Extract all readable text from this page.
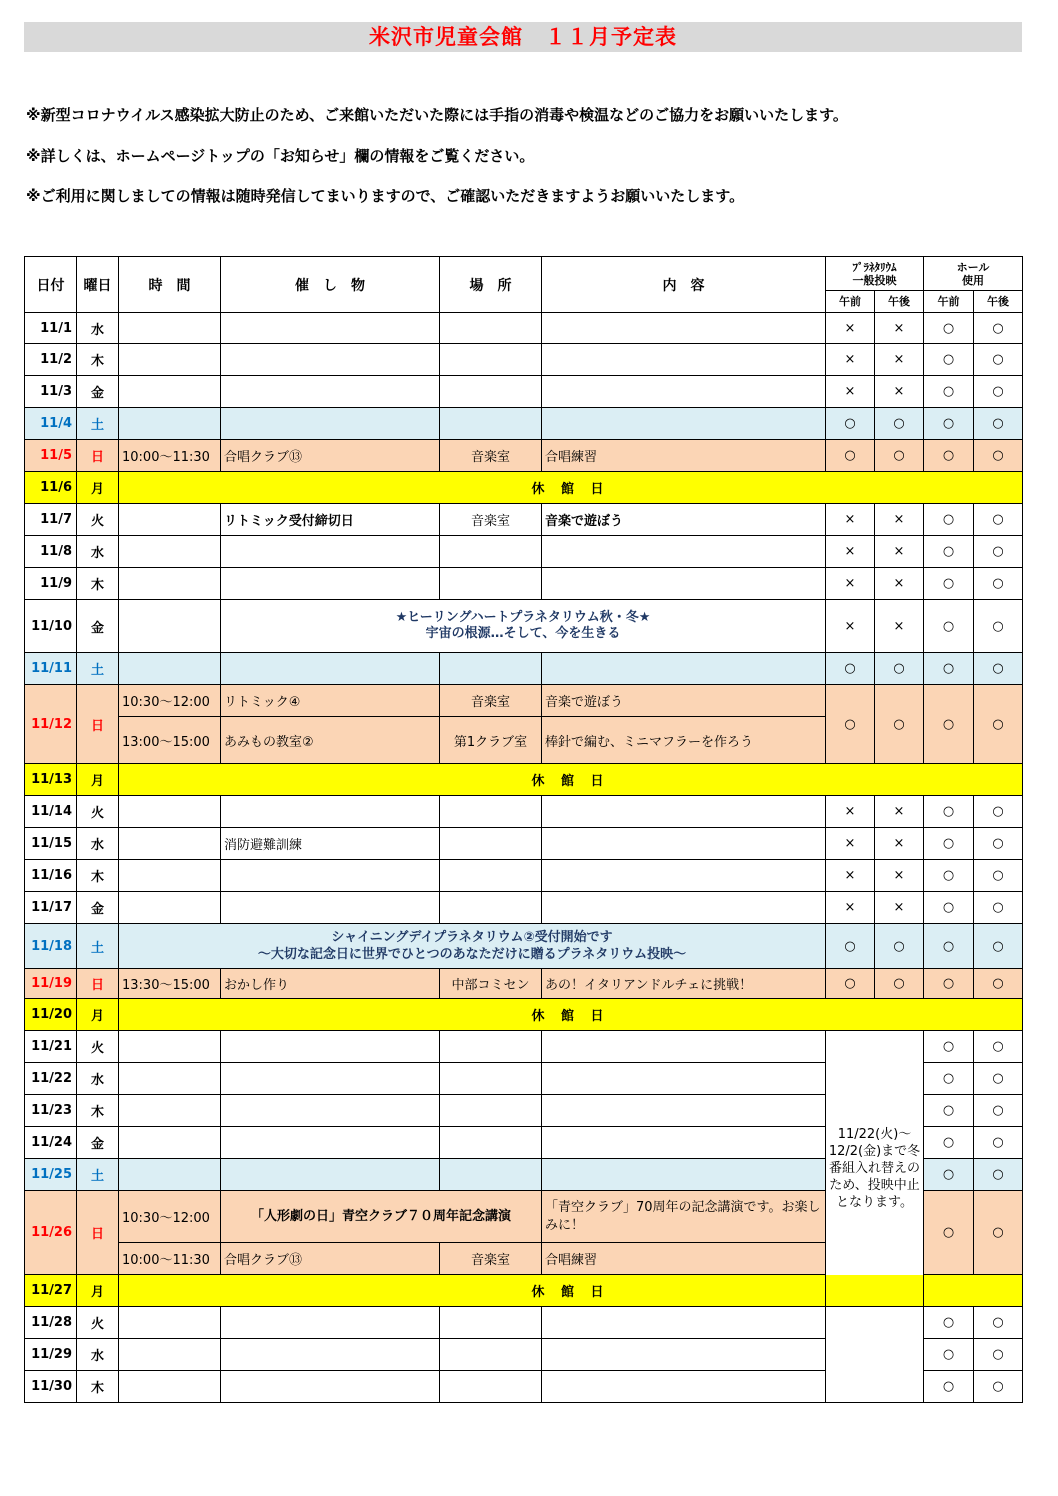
米沢市児童会館　１１月予定表
※新型コロナウイルス感染拡大防止のため、ご来館いただいた際には手指の消毒や検温などのご協力をお願いいたします。
※詳しくは、ホームページトップの「お知らせ」欄の情報をご覧ください。
※ご利用に関しましての情報は随時発信してまいりますので、ご確認いただきますようお願いいたします。
日付	曜日	時　間	催　し　物	場　所	内　容	ﾌﾟﾗﾈﾀﾘｳﾑ
一般投映		ホール
使用	
						午前	午後	午前	午後
11/1	水					×	×	○	○
11/2	木					×	×	○	○
11/3	金					×	×	○	○
11/4	土					○	○	○	○
11/5	日	10:00～11:30	合唱クラブ⑬	音楽室	合唱練習	○	○	○	○
11/6	月	休 館 日							
11/7	火		リトミック受付締切日	音楽室	音楽で遊ぼう	×	×	○	○
11/8	水					×	×	○	○
11/9	木					×	×	○	○
11/10	金		★ヒーリングハートプラネタリウム秋・冬★
宇宙の根源…そして、今を生きる			×	×	○	○
11/11	土					○	○	○	○
11/12	日	10:30～12:00	リトミック④	音楽室	音楽で遊ぼう	○	○	○	○
		13:00～15:00	あみもの教室②	第1クラブ室	棒針で編む、ミニマフラーを作ろう				
11/13	月	休 館 日							
11/14	火					×	×	○	○
11/15	水		消防避難訓練			×	×	○	○
11/16	木					×	×	○	○
11/17	金					×	×	○	○
11/18	土	シャイニングデイプラネタリウム②受付開始です
～大切な記念日に世界でひとつのあなただけに贈るプラネタリウム投映～				○	○	○	○
11/19	日	13:30～15:00	おかし作り	中部コミセン	あの！イタリアンドルチェに挑戦！	○	○	○	○
11/20	月	休 館 日							
11/21	火					11/22(火)～12/2(金)まで冬番組入れ替えのため、投映中止となります。		○	○
11/22	水							○	○
11/23	木							○	○
11/24	金							○	○
11/25	土							○	○
11/26	日	10:30～12:00	「人形劇の日」青空クラブ７０周年記念講演		「青空クラブ」70周年の記念講演です。お楽しみに！			○	○
		10:00～11:30	合唱クラブ⑬	音楽室	合唱練習				
11/27	月	休 館 日							
11/28	火							○	○
11/29	水							○	○
11/30	木							○	○
